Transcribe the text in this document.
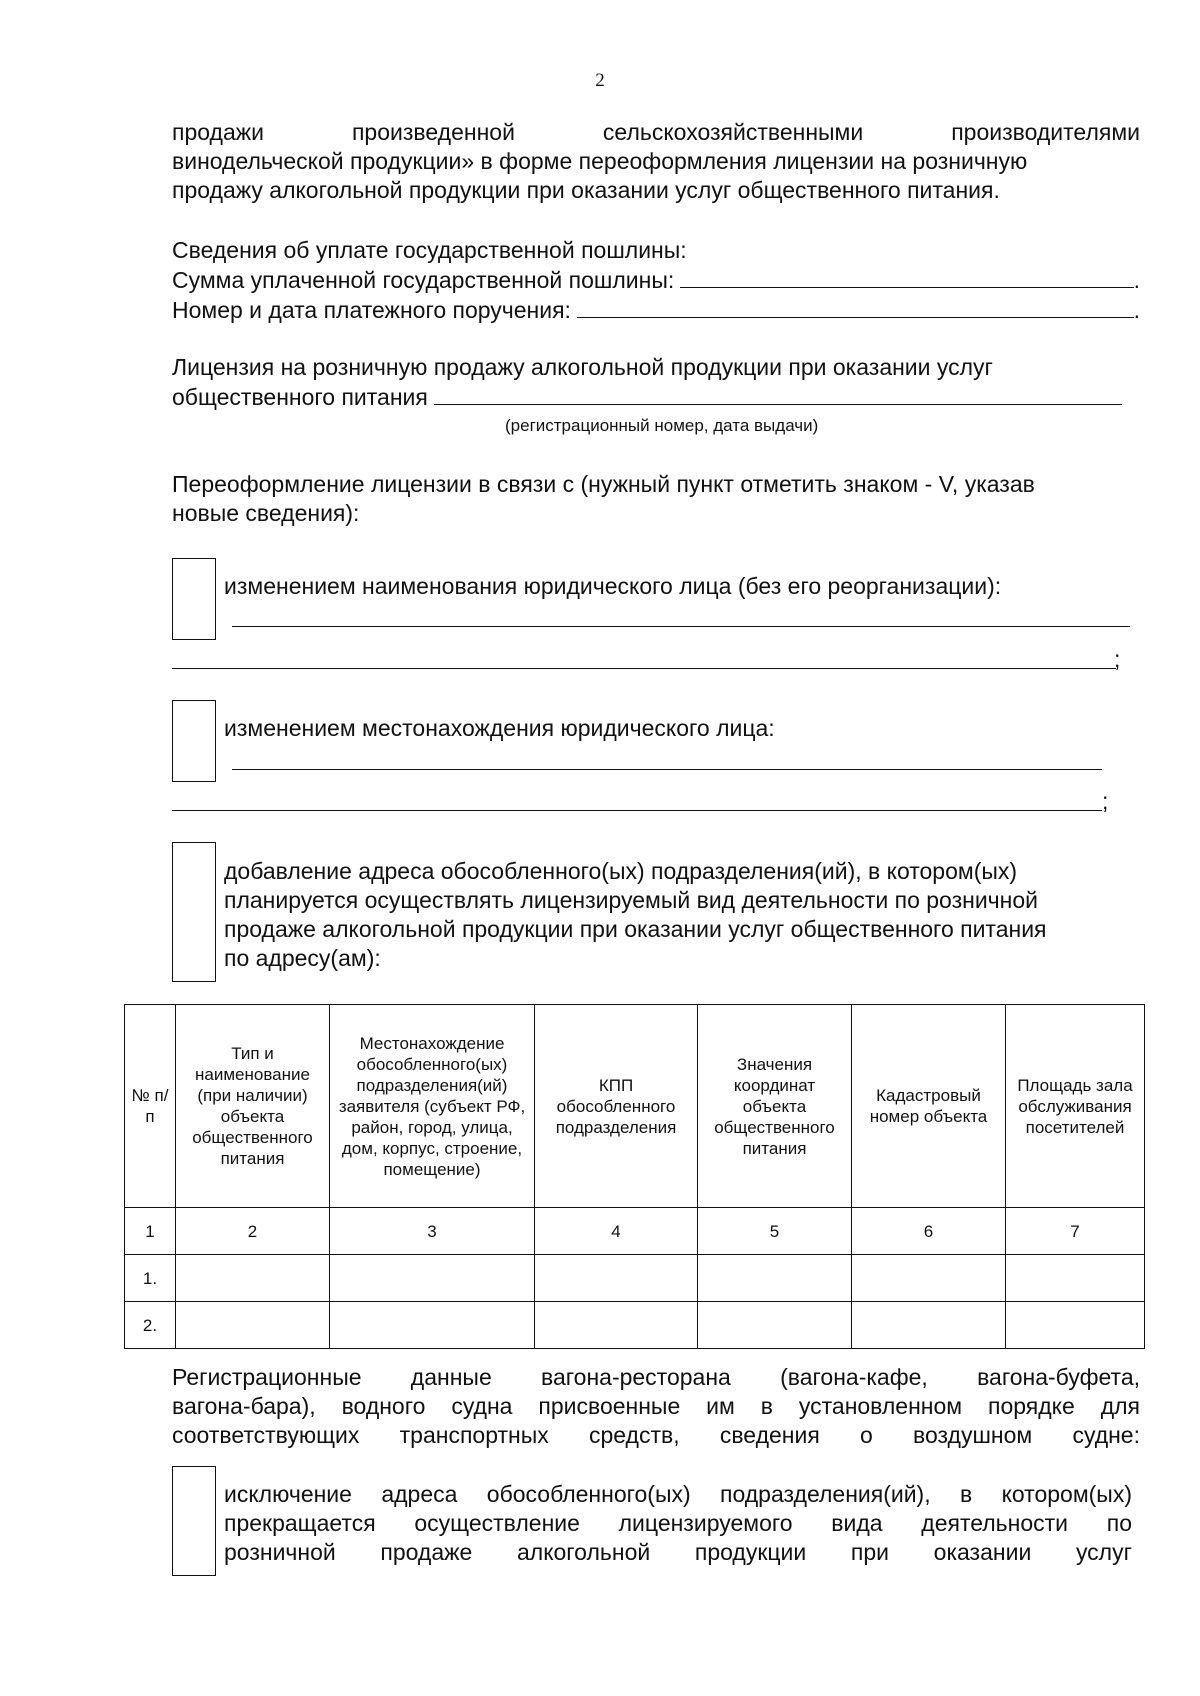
2
продажи произведенной сельскохозяйственными производителями
винодельческой продукции» в форме переоформления лицензии на розничную
продажу алкогольной продукции при оказании услуг общественного питания.
Сведения об уплате государственной пошлины:
Сумма уплаченной государственной пошлины:	.
Номер и дата платежного поручения:	.
Лицензия на розничную продажу алкогольной продукции при оказании услуг
общественного питания
(регистрационный номер, дата выдачи)
Переоформление лицензии в связи с (нужный пункт отметить знаком - V, указав
новые сведения):
изменением наименования юридического лица (без его реорганизации):
;
изменением местонахождения юридического лица:
;
добавление адреса обособленного(ых) подразделения(ий), в котором(ых)
планируется осуществлять лицензируемый вид деятельности по розничной
продаже алкогольной продукции при оказании услуг общественного питания
по адресу(ам):
№ п/п	Тип и наименование (при наличии) объекта общественного питания	Местонахождение обособленного(ых) подразделения(ий) заявителя (субъект РФ, район, город, улица, дом, корпус, строение, помещение)	КПП обособленного подразделения	Значения координат объекта общественного питания	Кадастровый номер объекта	Площадь зала обслуживания посетителей
1	2	3	4	5	6	7
1.						
2.						
Регистрационные данные вагона-ресторана (вагона-кафе, вагона-буфета,
вагона-бара), водного судна присвоенные им в установленном порядке для
соответствующих транспортных средств, сведения о воздушном судне:
исключение адреса обособленного(ых) подразделения(ий), в котором(ых)
прекращается осуществление лицензируемого вида деятельности по
розничной продаже алкогольной продукции при оказании услуг
